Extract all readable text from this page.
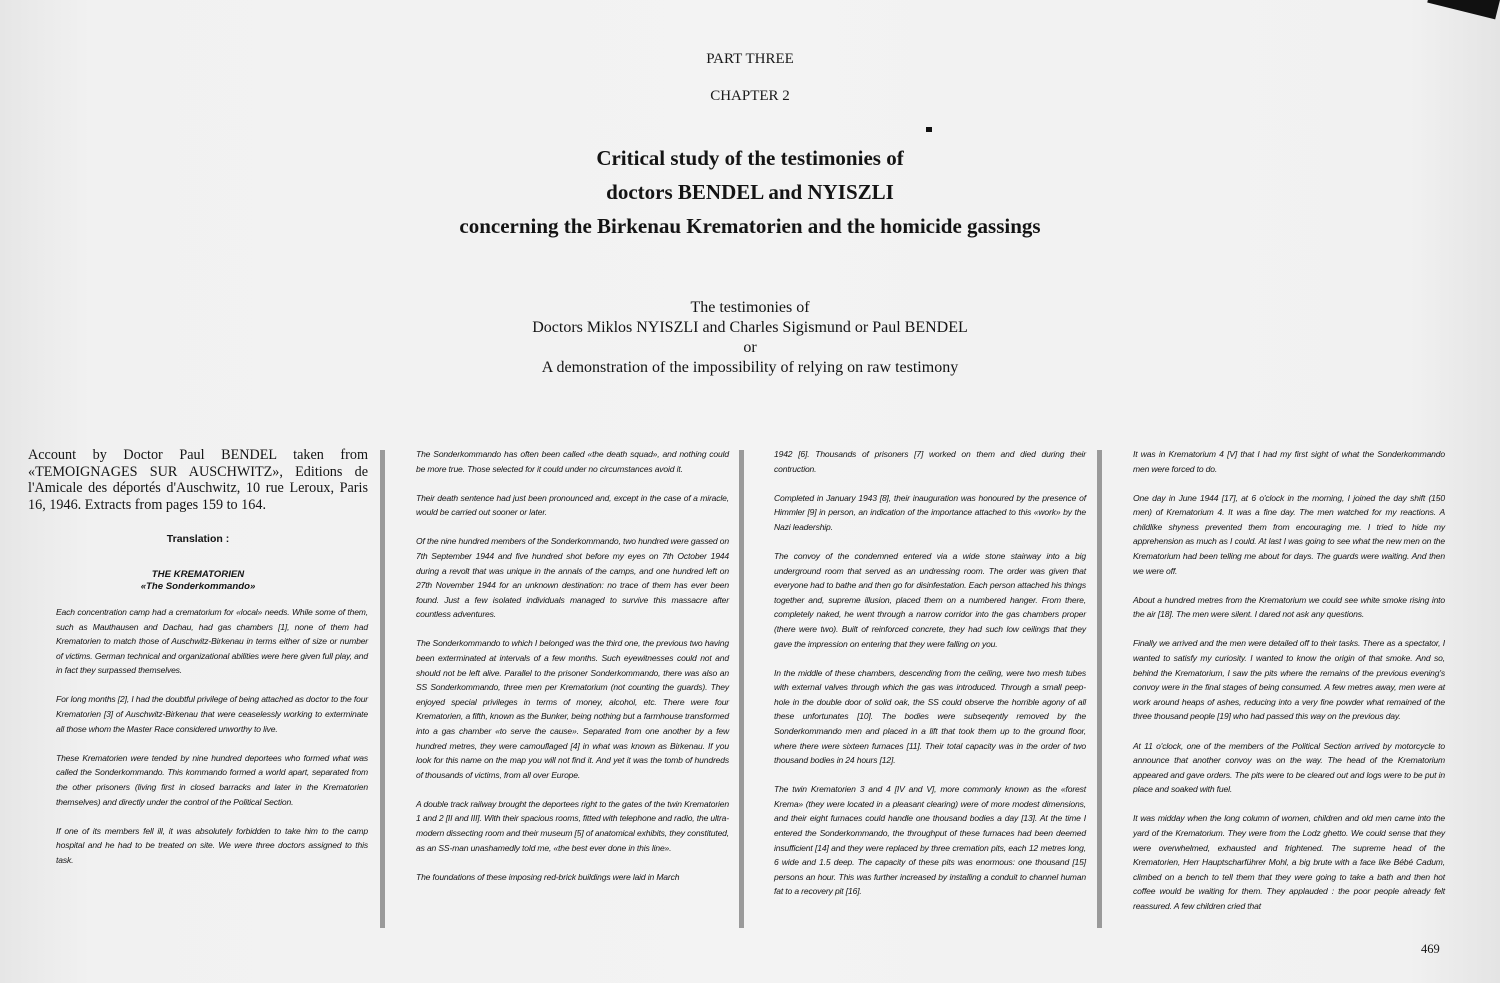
PART THREE
CHAPTER 2
Critical study of the testimonies of
doctors BENDEL and NYISZLI
concerning the Birkenau Krematorien and the homicide gassings
The testimonies of
Doctors Miklos NYISZLI and Charles Sigismund or Paul BENDEL
or
A demonstration of the impossibility of relying on raw testimony
Account by Doctor Paul BENDEL taken from «TEMOIGNAGES SUR AUSCHWITZ», Editions de l'Amicale des déportés d'Auschwitz, 10 rue Leroux, Paris 16, 1946. Extracts from pages 159 to 164.
Translation :
THE KREMATORIEN
«The Sonderkommando»

Each concentration camp had a crematorium for «local» needs. While some of them, such as Mauthausen and Dachau, had gas chambers [1], none of them had Krematorien to match those of Auschwitz-Birkenau in terms either of size or number of victims. German technical and organizational abilities were here given full play, and in fact they surpassed themselves.

For long months [2], I had the doubtful privilege of being attached as doctor to the four Krematorien [3] of Auschwitz-Birkenau that were ceaselessly working to exterminate all those whom the Master Race considered unworthy to live.

These Krematorien were tended by nine hundred deportees who formed what was called the Sonderkommando. This kommando formed a world apart, separated from the other prisoners (living first in closed barracks and later in the Krematorien themselves) and directly under the control of the Political Section.

If one of its members fell ill, it was absolutely forbidden to take him to the camp hospital and he had to be treated on site. We were three doctors assigned to this task.

The Sonderkommando has often been called «the death squad», and nothing could be more true. Those selected for it could under no circumstances avoid it.

Their death sentence had just been pronounced and, except in the case of a miracle, would be carried out sooner or later.

Of the nine hundred members of the Sonderkommando, two hundred were gassed on 7th September 1944 and five hundred shot before my eyes on 7th October 1944 during a revolt that was unique in the annals of the camps, and one hundred left on 27th November 1944 for an unknown destination: no trace of them has ever been found. Just a few isolated individuals managed to survive this massacre after countless adventures.

The Sonderkommando to which I belonged was the third one, the previous two having been exterminated at intervals of a few months. Such eyewitnesses could not and should not be left alive. Parallel to the prisoner Sonderkommando, there was also an SS Sonderkommando, three men per Krematorium (not counting the guards). They enjoyed special privileges in terms of money, alcohol, etc. There were four Krematorien, a fifth, known as the Bunker, being nothing but a farmhouse transformed into a gas chamber «to serve the cause». Separated from one another by a few hundred metres, they were camouflaged [4] in what was known as Birkenau. If you look for this name on the map you will not find it. And yet it was the tomb of hundreds of thousands of victims, from all over Europe.

A double track railway brought the deportees right to the gates of the twin Krematorien 1 and 2 [II and III]. With their spacious rooms, fitted with telephone and radio, the ultra-modern dissecting room and their museum [5] of anatomical exhibits, they constituted, as an SS-man unashamedly told me, «the best ever done in this line».

The foundations of these imposing red-brick buildings were laid in March

1942 [6]. Thousands of prisoners [7] worked on them and died during their contruction.

Completed in January 1943 [8], their inauguration was honoured by the presence of Himmler [9] in person, an indication of the importance attached to this «work» by the Nazi leadership.

The convoy of the condemned entered via a wide stone stairway into a big underground room that served as an undressing room. The order was given that everyone had to bathe and then go for disinfestation. Each person attached his things together and, supreme illusion, placed them on a numbered hanger. From there, completely naked, he went through a narrow corridor into the gas chambers proper (there were two). Built of reinforced concrete, they had such low ceilings that they gave the impression on entering that they were falling on you.

In the middle of these chambers, descending from the ceiling, were two mesh tubes with external valves through which the gas was introduced. Through a small peep-hole in the double door of solid oak, the SS could observe the horrible agony of all these unfortunates [10]. The bodies were subseqently removed by the Sonderkommando men and placed in a lift that took them up to the ground floor, where there were sixteen furnaces [11]. Their total capacity was in the order of two thousand bodies in 24 hours [12].

The twin Krematorien 3 and 4 [IV and V], more commonly known as the «forest Krema» (they were located in a pleasant clearing) were of more modest dimensions, and their eight furnaces could handle one thousand bodies a day [13]. At the time I entered the Sonderkommando, the throughput of these furnaces had been deemed insufficient [14] and they were replaced by three cremation pits, each 12 metres long, 6 wide and 1.5 deep. The capacity of these pits was enormous: one thousand [15] persons an hour. This was further increased by installing a conduit to channel human fat to a recovery pit [16].

It was in Krematorium 4 [V] that I had my first sight of what the Sonderkommando men were forced to do.

One day in June 1944 [17], at 6 o'clock in the morning, I joined the day shift (150 men) of Krematorium 4. It was a fine day. The men watched for my reactions. A childlike shyness prevented them from encouraging me. I tried to hide my apprehension as much as I could. At last I was going to see what the new men on the Krematorium had been telling me about for days. The guards were waiting. And then we were off.

About a hundred metres from the Krematorium we could see white smoke rising into the air [18]. The men were silent. I dared not ask any questions.

Finally we arrived and the men were detailed off to their tasks. There as a spectator, I wanted to satisfy my curiosity. I wanted to know the origin of that smoke. And so, behind the Krematorium, I saw the pits where the remains of the previous evening's convoy were in the final stages of being consumed. A few metres away, men were at work around heaps of ashes, reducing into a very fine powder what remained of the three thousand people [19] who had passed this way on the previous day.

At 11 o'clock, one of the members of the Political Section arrived by motorcycle to announce that another convoy was on the way. The head of the Krematorium appeared and gave orders. The pits were to be cleared out and logs were to be put in place and soaked with fuel.

It was midday when the long column of women, children and old men came into the yard of the Krematorium. They were from the Lodz ghetto. We could sense that they were overwhelmed, exhausted and frightened. The supreme head of the Krematorien, Herr Hauptscharführer Mohl, a big brute with a face like Bébé Cadum, climbed on a bench to tell them that they were going to take a bath and then hot coffee would be waiting for them. They applauded : the poor people already felt reassured. A few children cried that

469
